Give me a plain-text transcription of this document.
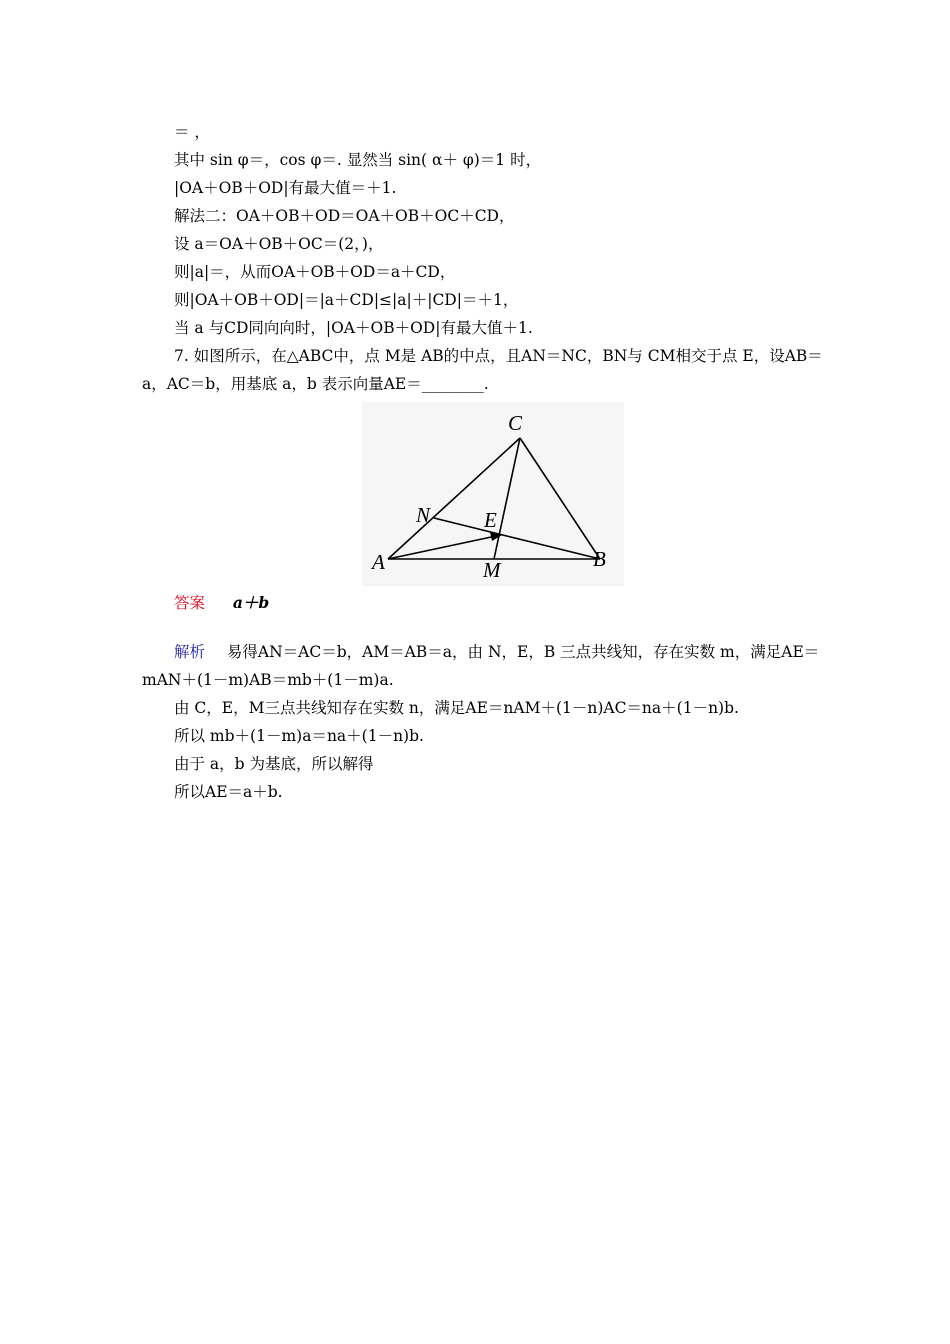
＝ ，
其中 sin φ＝，cos φ＝. 显然当 sin( α＋ φ)＝1 时，
|OA＋OB＋OD|有最大值＝＋1.
解法二：OA＋OB＋OD＝OA＋OB＋OC＋CD，
设 a＝OA＋OB＋OC＝(2，)，
则|a|＝，从而OA＋OB＋OD＝a＋CD，
则|OA＋OB＋OD|＝|a＋CD|≤|a|＋|CD|＝＋1，
当 a 与CD同向向时，|OA＋OB＋OD|有最大值＋1.
7. 如图所示，在△ABC中，点 M是 AB的中点，且AN＝NC，BN与 CM相交于点 E，设AB＝
a，AC＝b，用基底 a，b 表示向量AE＝________.
C
N	E
A	M	B
答案 a＋b
解析 易得AN＝AC＝b，AM＝AB＝a，由 N，E，B 三点共线知，存在实数 m，满足AE＝
mAN＋(1－m)AB＝mb＋(1－m)a.
由 C，E，M三点共线知存在实数 n，满足AE＝nAM＋(1－n)AC＝na＋(1－n)b.
所以 mb＋(1－m)a＝na＋(1－n)b.
由于 a，b 为基底，所以解得
所以AE＝a＋b.
